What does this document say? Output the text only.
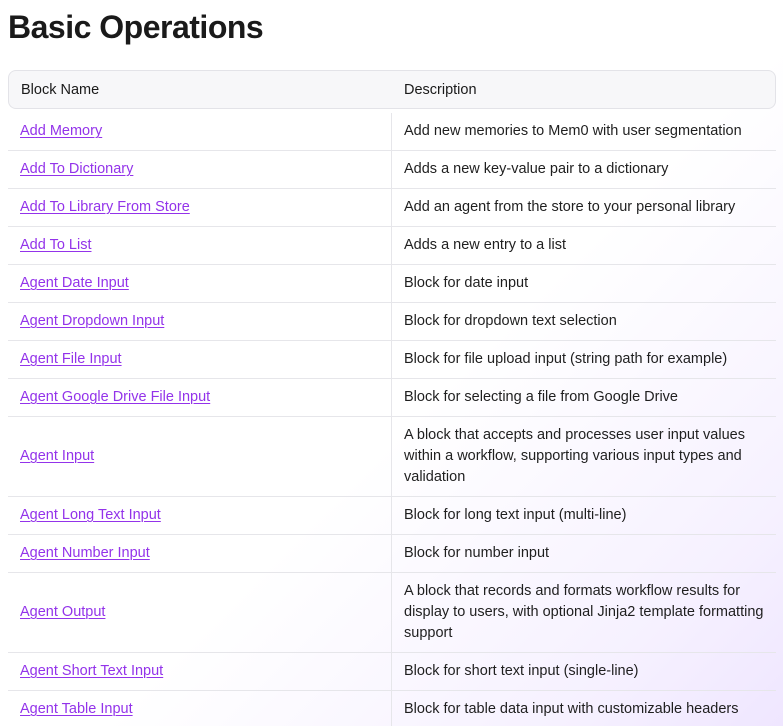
Basic Operations
Block Name	Description

Add Memory	Add new memories to Mem0 with user segmentation
Add To Dictionary	Adds a new key-value pair to a dictionary
Add To Library From Store	Add an agent from the store to your personal library
Add To List	Adds a new entry to a list
Agent Date Input	Block for date input
Agent Dropdown Input	Block for dropdown text selection
Agent File Input	Block for file upload input (string path for example)
Agent Google Drive File Input	Block for selecting a file from Google Drive
Agent Input	A block that accepts and processes user input values within a workflow, supporting various input types and validation
Agent Long Text Input	Block for long text input (multi-line)
Agent Number Input	Block for number input
Agent Output	A block that records and formats workflow results for display to users, with optional Jinja2 template formatting support
Agent Short Text Input	Block for short text input (single-line)
Agent Table Input	Block for table data input with customizable headers
